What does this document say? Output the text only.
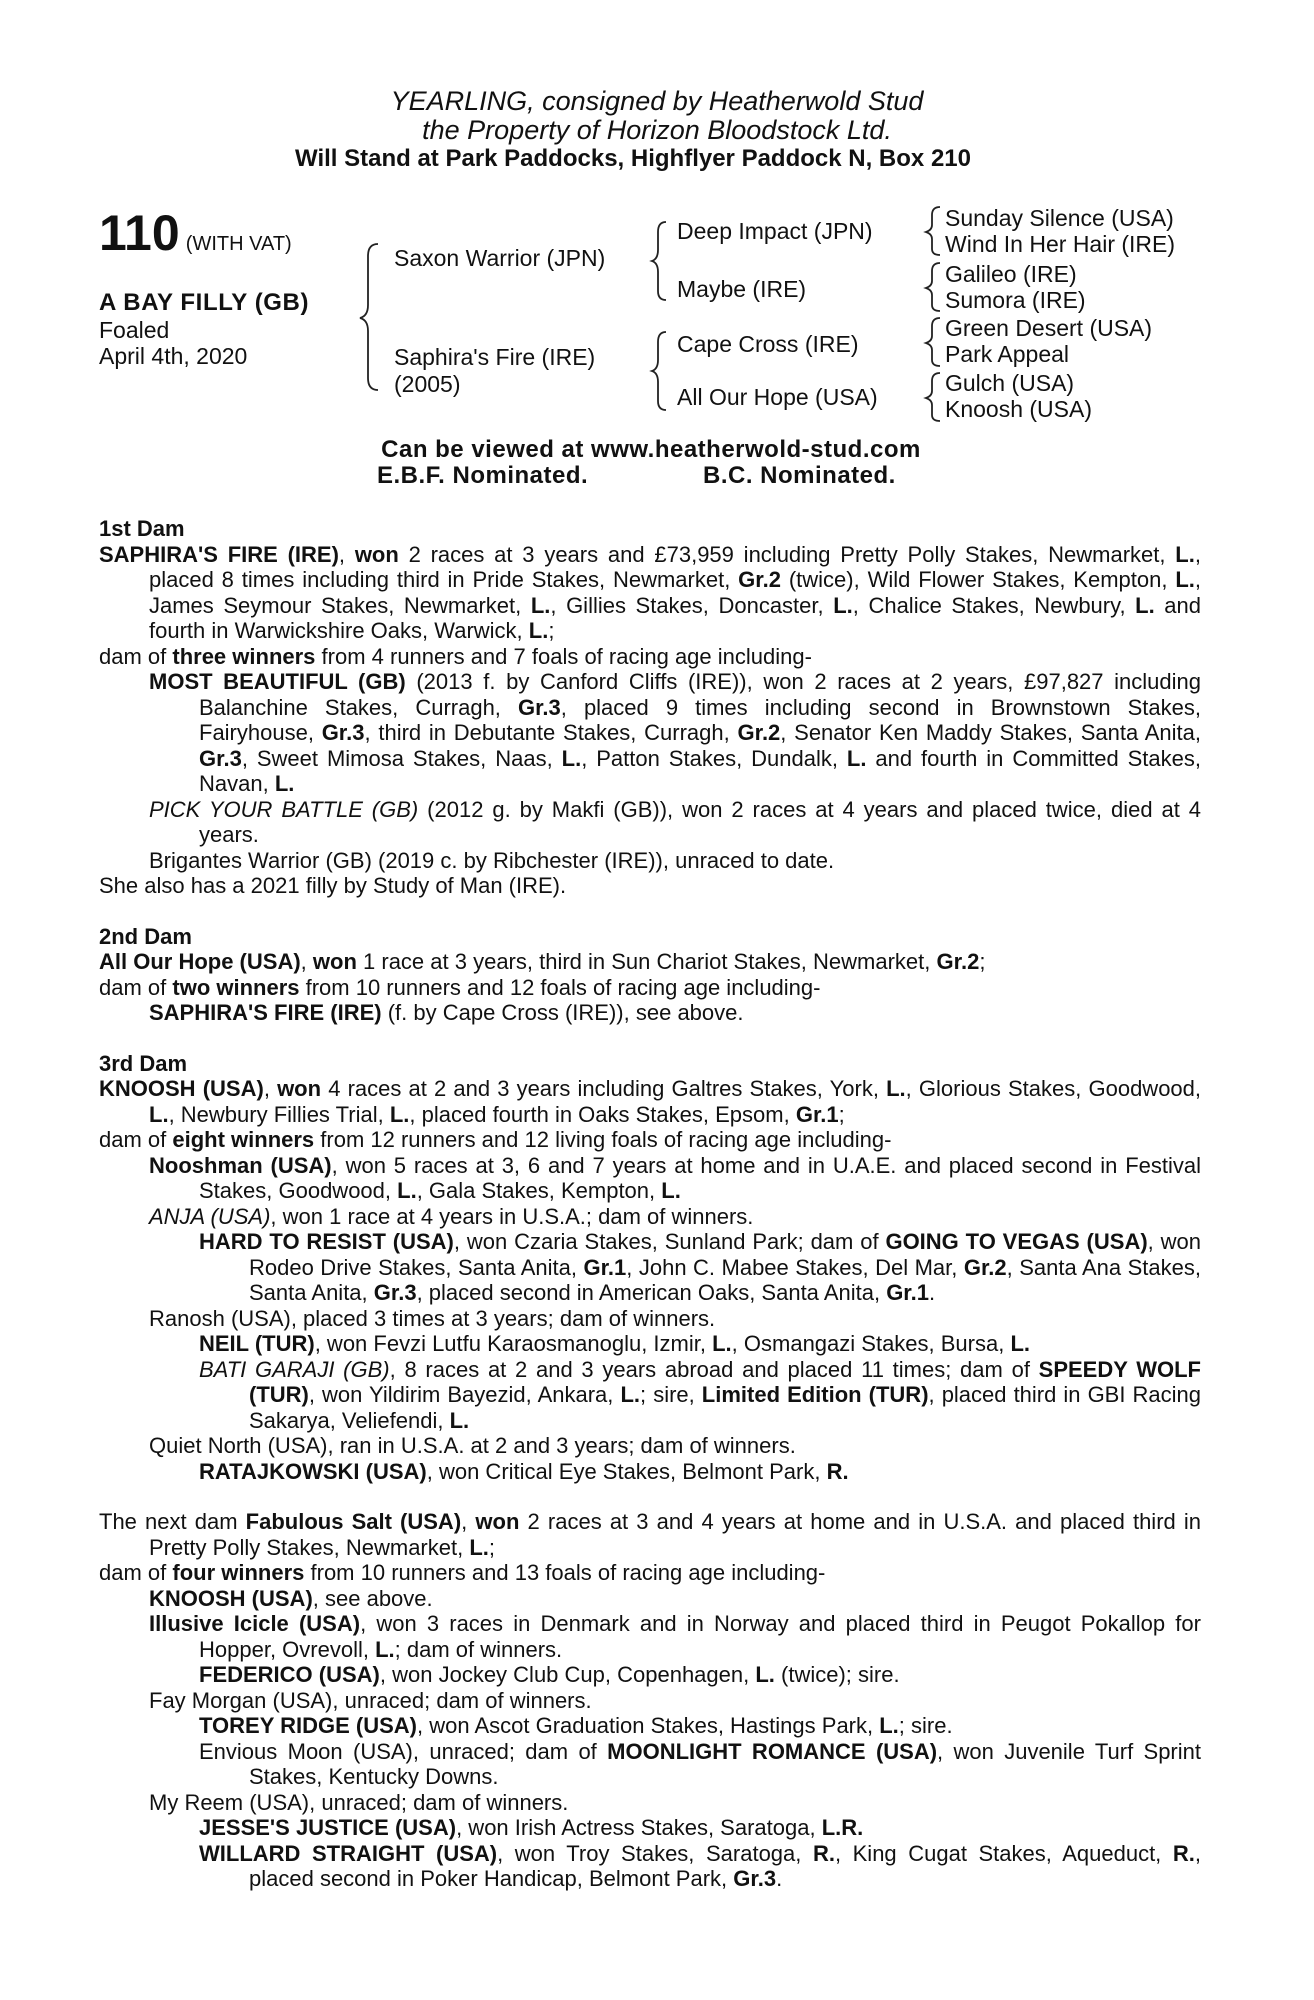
YEARLING, consigned by Heatherwold Stud
the Property of Horizon Bloodstock Ltd.
Will Stand at Park Paddocks, Highflyer Paddock N, Box 210
110 (WITH VAT)
A BAY FILLY (GB)
Foaled
April 4th, 2020
Saxon Warrior (JPN)
Saphira's Fire (IRE)
(2005)
Deep Impact (JPN)
Maybe (IRE)
Cape Cross (IRE)
All Our Hope (USA)
Sunday Silence (USA)
Wind In Her Hair (IRE)
Galileo (IRE)
Sumora (IRE)
Green Desert (USA)
Park Appeal
Gulch (USA)
Knoosh (USA)
Can be viewed at www.heatherwold-stud.com
E.B.F. Nominated.	B.C. Nominated.

1st Dam

SAPHIRA'S FIRE (IRE), won 2 races at 3 years and £73,959 including Pretty Polly Stakes, Newmarket, L., placed 8 times including third in Pride Stakes, Newmarket, Gr.2 (twice), Wild Flower Stakes, Kempton, L., James Seymour Stakes, Newmarket, L., Gillies Stakes, Doncaster, L., Chalice Stakes, Newbury, L. and fourth in Warwickshire Oaks, Warwick, L.;

dam of three winners from 4 runners and 7 foals of racing age including-

MOST BEAUTIFUL (GB) (2013 f. by Canford Cliffs (IRE)), won 2 races at 2 years, £97,827 including Balanchine Stakes, Curragh, Gr.3, placed 9 times including second in Brownstown Stakes, Fairyhouse, Gr.3, third in Debutante Stakes, Curragh, Gr.2, Senator Ken Maddy Stakes, Santa Anita, Gr.3, Sweet Mimosa Stakes, Naas, L., Patton Stakes, Dundalk, L. and fourth in Committed Stakes, Navan, L.

PICK YOUR BATTLE (GB) (2012 g. by Makfi (GB)), won 2 races at 4 years and placed twice, died at 4 years.

Brigantes Warrior (GB) (2019 c. by Ribchester (IRE)), unraced to date.

She also has a 2021 filly by Study of Man (IRE).

2nd Dam

All Our Hope (USA), won 1 race at 3 years, third in Sun Chariot Stakes, Newmarket, Gr.2;

dam of two winners from 10 runners and 12 foals of racing age including-

SAPHIRA'S FIRE (IRE) (f. by Cape Cross (IRE)), see above.

3rd Dam

KNOOSH (USA), won 4 races at 2 and 3 years including Galtres Stakes, York, L., Glorious Stakes, Goodwood, L., Newbury Fillies Trial, L., placed fourth in Oaks Stakes, Epsom, Gr.1;

dam of eight winners from 12 runners and 12 living foals of racing age including-

Nooshman (USA), won 5 races at 3, 6 and 7 years at home and in U.A.E. and placed second in Festival Stakes, Goodwood, L., Gala Stakes, Kempton, L.

ANJA (USA), won 1 race at 4 years in U.S.A.; dam of winners.

HARD TO RESIST (USA), won Czaria Stakes, Sunland Park; dam of GOING TO VEGAS (USA), won Rodeo Drive Stakes, Santa Anita, Gr.1, John C. Mabee Stakes, Del Mar, Gr.2, Santa Ana Stakes, Santa Anita, Gr.3, placed second in American Oaks, Santa Anita, Gr.1.

Ranosh (USA), placed 3 times at 3 years; dam of winners.

NEIL (TUR), won Fevzi Lutfu Karaosmanoglu, Izmir, L., Osmangazi Stakes, Bursa, L.

BATI GARAJI (GB), 8 races at 2 and 3 years abroad and placed 11 times; dam of SPEEDY WOLF (TUR), won Yildirim Bayezid, Ankara, L.; sire, Limited Edition (TUR), placed third in GBI Racing Sakarya, Veliefendi, L.

Quiet North (USA), ran in U.S.A. at 2 and 3 years; dam of winners.

RATAJKOWSKI (USA), won Critical Eye Stakes, Belmont Park, R.

The next dam Fabulous Salt (USA), won 2 races at 3 and 4 years at home and in U.S.A. and placed third in Pretty Polly Stakes, Newmarket, L.;

dam of four winners from 10 runners and 13 foals of racing age including-

KNOOSH (USA), see above.

Illusive Icicle (USA), won 3 races in Denmark and in Norway and placed third in Peugot Pokallop for Hopper, Ovrevoll, L.; dam of winners.

FEDERICO (USA), won Jockey Club Cup, Copenhagen, L. (twice); sire.

Fay Morgan (USA), unraced; dam of winners.

TOREY RIDGE (USA), won Ascot Graduation Stakes, Hastings Park, L.; sire.

Envious Moon (USA), unraced; dam of MOONLIGHT ROMANCE (USA), won Juvenile Turf Sprint Stakes, Kentucky Downs.

My Reem (USA), unraced; dam of winners.

JESSE'S JUSTICE (USA), won Irish Actress Stakes, Saratoga, L.R.

WILLARD STRAIGHT (USA), won Troy Stakes, Saratoga, R., King Cugat Stakes, Aqueduct, R., placed second in Poker Handicap, Belmont Park, Gr.3.
